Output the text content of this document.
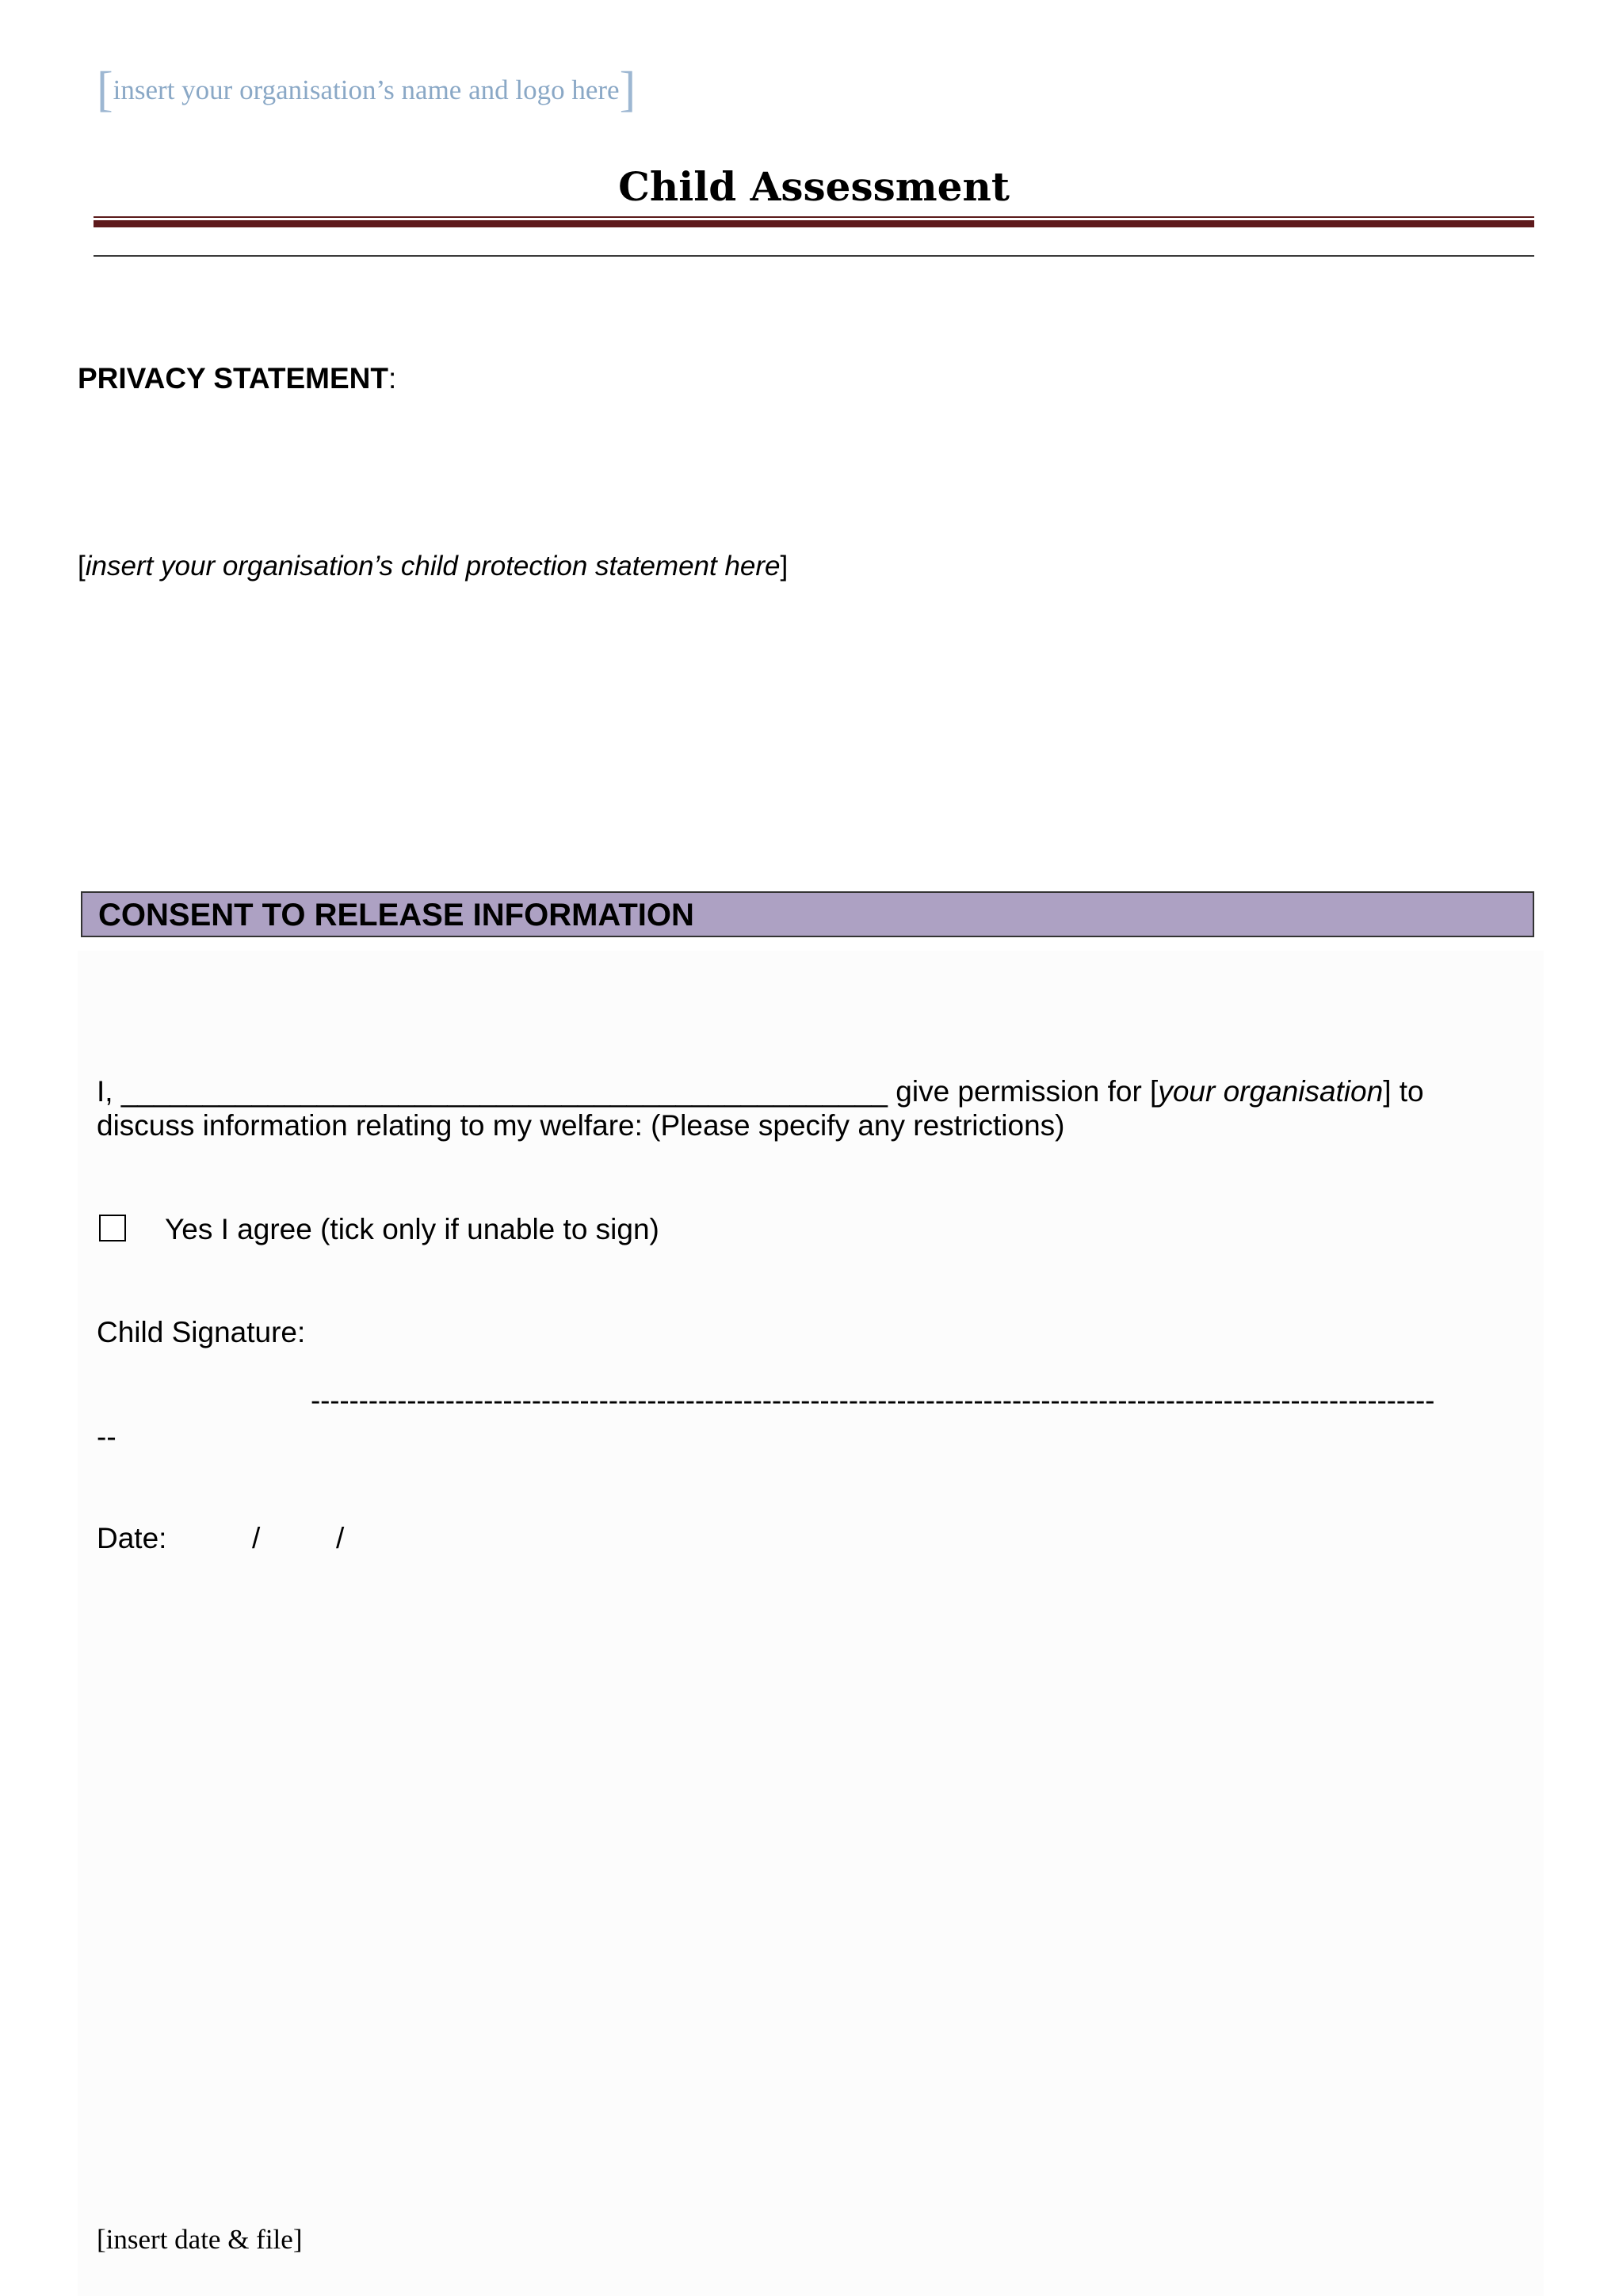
[insert your organisation’s name and logo here]
Child Assessment
PRIVACY STATEMENT:
[insert your organisation’s child protection statement here]
CONSENT TO RELEASE INFORMATION
I, _______________________________________________ give permission for [your organisation] to
discuss information relating to my welfare: (Please specify any restrictions)
Yes I agree (tick only if unable to sign)
Child Signature:
---------------------------------------------------------------------------------------------------------------------
--
Date:	/	/
[insert date & file]
